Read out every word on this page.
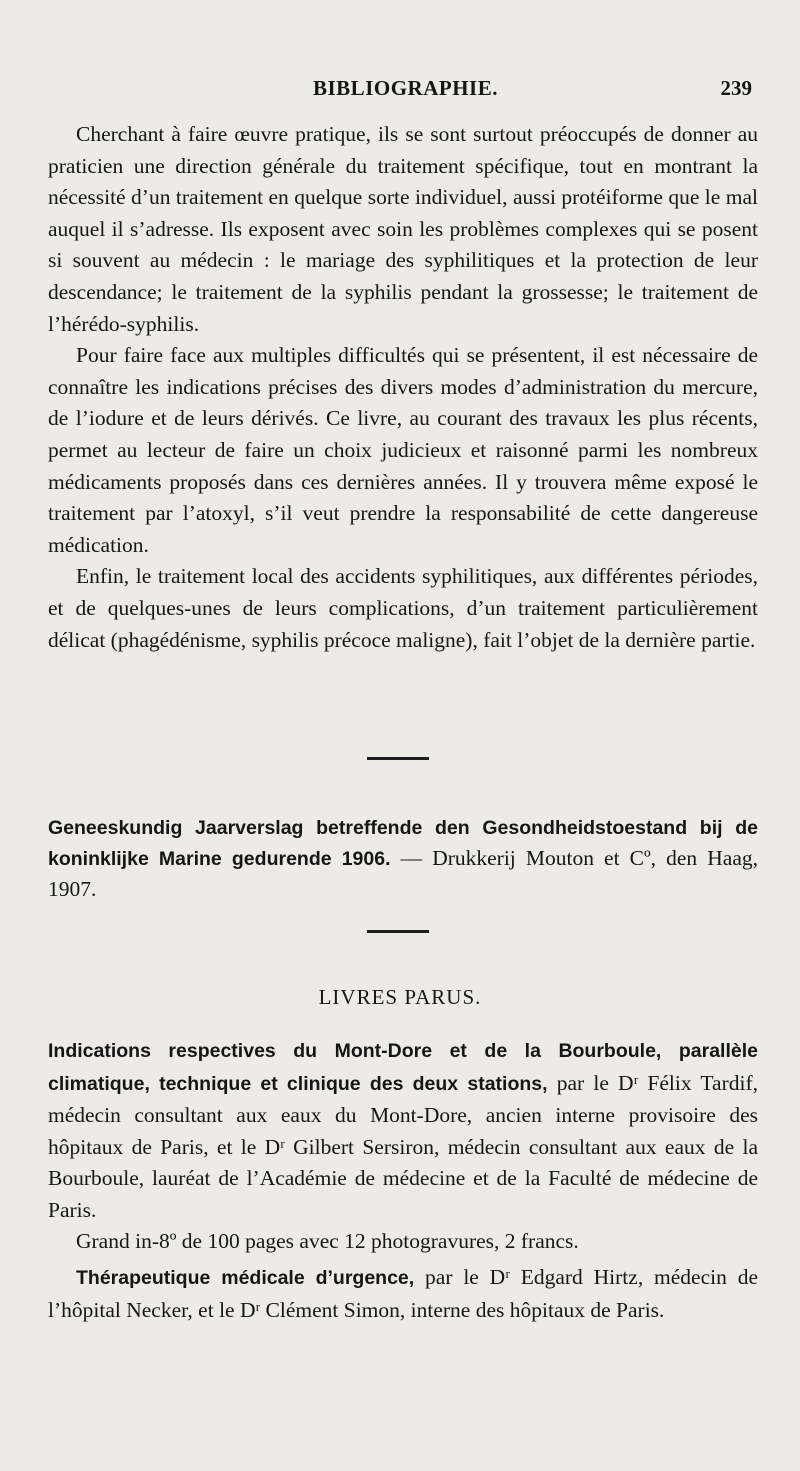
BIBLIOGRAPHIE.	239

Cherchant à faire œuvre pratique, ils se sont surtout préoccupés de donner au praticien une direction générale du traitement spécifique, tout en montrant la nécessité d’un traitement en quelque sorte individuel, aussi protéiforme que le mal auquel il s’adresse. Ils exposent avec soin les problèmes complexes qui se posent si souvent au médecin : le mariage des syphilitiques et la protection de leur descendance; le traitement de la syphilis pendant la grossesse; le traitement de l’hérédo-syphilis.

Pour faire face aux multiples difficultés qui se présentent, il est nécessaire de connaître les indications précises des divers modes d’administration du mercure, de l’iodure et de leurs dérivés. Ce livre, au courant des travaux les plus récents, permet au lecteur de faire un choix judicieux et raisonné parmi les nombreux médicaments proposés dans ces dernières années. Il y trouvera même exposé le traitement par l’atoxyl, s’il veut prendre la responsabilité de cette dangereuse médication.

Enfin, le traitement local des accidents syphilitiques, aux différentes périodes, et de quelques-unes de leurs complications, d’un traitement particulièrement délicat (phagédénisme, syphilis précoce maligne), fait l’objet de la dernière partie.

Geneeskundig Jaarverslag betreffende den Gesondheidstoestand bij de koninklijke Marine gedurende 1906. — Drukkerij Mouton et Cº, den Haag, 1907.
LIVRES PARUS.

Indications respectives du Mont-Dore et de la Bourboule, parallèle climatique, technique et clinique des deux stations, par le Dʳ Félix Tardif, médecin consultant aux eaux du Mont-Dore, ancien interne provisoire des hôpitaux de Paris, et le Dʳ Gilbert Sersiron, médecin consultant aux eaux de la Bourboule, lauréat de l’Académie de médecine et de la Faculté de médecine de Paris.

Grand in-8º de 100 pages avec 12 photogravures, 2 francs.

Thérapeutique médicale d’urgence, par le Dʳ Edgard Hirtz, médecin de l’hôpital Necker, et le Dʳ Clément Simon, interne des hôpitaux de Paris.
